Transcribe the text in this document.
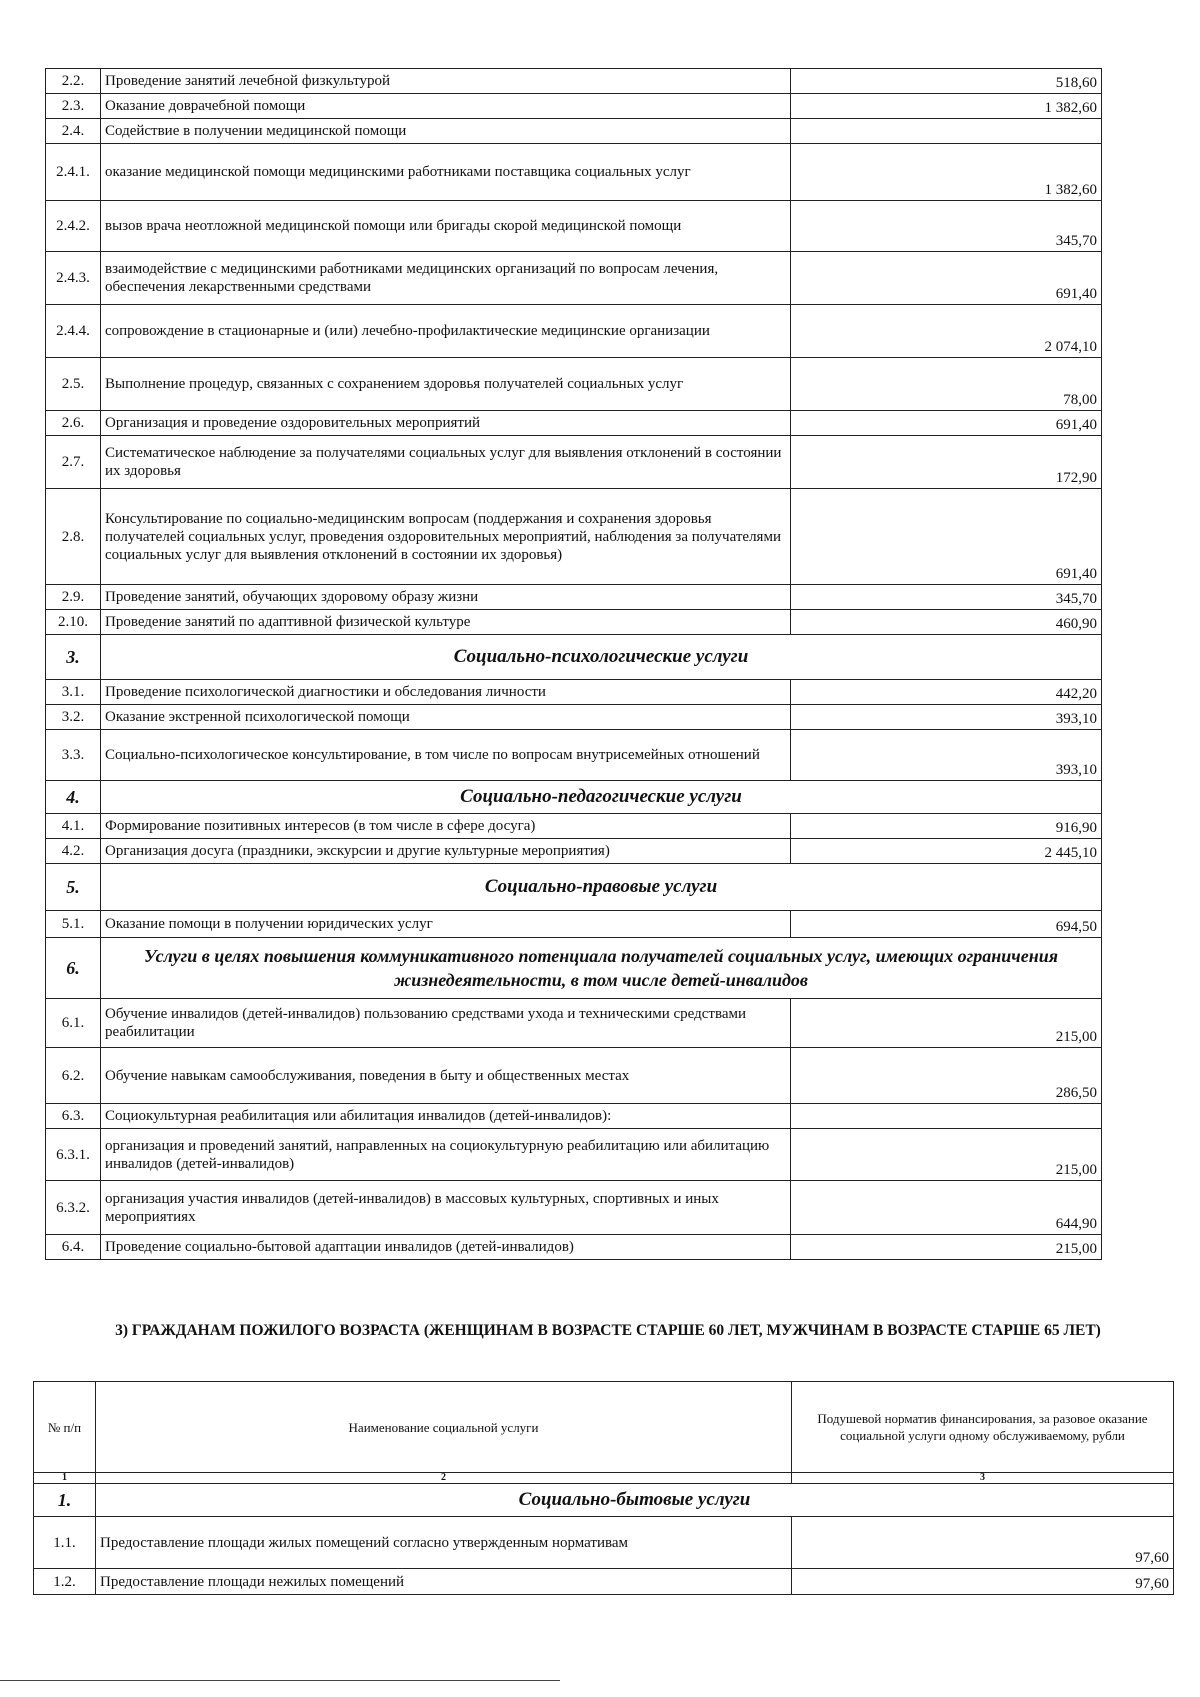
2.2.	Проведение занятий лечебной физкультурой	518,60
2.3.	Оказание доврачебной помощи	1 382,60
2.4.	Содействие в получении медицинской помощи	
2.4.1.	оказание медицинской помощи медицинскими работниками поставщика социальных услуг	1 382,60
2.4.2.	вызов врача неотложной медицинской помощи или бригады скорой медицинской помощи	345,70
2.4.3.	взаимодействие с медицинскими работниками медицинских организаций по вопросам лечения, обеспечения лекарственными средствами	691,40
2.4.4.	сопровождение в стационарные и (или) лечебно-профилактические медицинские организации	2 074,10
2.5.	Выполнение процедур, связанных с сохранением здоровья получателей социальных услуг	78,00
2.6.	Организация и проведение оздоровительных мероприятий	691,40
2.7.	Систематическое наблюдение за получателями социальных услуг для выявления отклонений в состоянии их здоровья	172,90
2.8.	Консультирование по социально-медицинским вопросам (поддержания и сохранения здоровья получателей социальных услуг, проведения оздоровительных мероприятий, наблюдения за получателями социальных услуг для выявления отклонений в состоянии их здоровья)	691,40
2.9.	Проведение занятий, обучающих здоровому образу жизни	345,70
2.10.	Проведение занятий по адаптивной физической культуре	460,90
3.	Социально-психологические услуги	
3.1.	Проведение психологической диагностики и обследования личности	442,20
3.2.	Оказание экстренной психологической помощи	393,10
3.3.	Социально-психологическое консультирование, в том числе по вопросам внутрисемейных отношений	393,10
4.	Социально-педагогические услуги	
4.1.	Формирование позитивных интересов (в том числе в сфере досуга)	916,90
4.2.	Организация досуга (праздники, экскурсии и другие культурные мероприятия)	2 445,10
5.	Социально-правовые услуги	
5.1.	Оказание помощи в получении юридических услуг	694,50
6.	Услуги в целях повышения коммуникативного потенциала получателей социальных услуг, имеющих ограничения жизнедеятельности, в том числе детей-инвалидов	
6.1.	Обучение инвалидов (детей-инвалидов) пользованию средствами ухода и техническими средствами реабилитации	215,00
6.2.	Обучение навыкам самообслуживания, поведения в быту и общественных местах	286,50
6.3.	Социокультурная реабилитация или абилитация инвалидов (детей-инвалидов):	
6.3.1.	организация и проведений занятий, направленных на социокультурную реабилитацию или абилитацию инвалидов (детей-инвалидов)	215,00
6.3.2.	организация участия инвалидов (детей-инвалидов) в массовых культурных, спортивных и иных мероприятиях	644,90
6.4.	Проведение социально-бытовой адаптации инвалидов (детей-инвалидов)	215,00
3) ГРАЖДАНАМ ПОЖИЛОГО ВОЗРАСТА (ЖЕНЩИНАМ В ВОЗРАСТЕ СТАРШЕ 60 ЛЕТ, МУЖЧИНАМ В ВОЗРАСТЕ СТАРШЕ 65 ЛЕТ)
№ п/п	Наименование социальной услуги	Подушевой норматив финансирования, за разовое оказание социальной услуги одному обслуживаемому, рубли
1	2	3
1.	Социально-бытовые услуги	
1.1.	Предоставление площади жилых помещений согласно утвержденным нормативам	97,60
1.2.	Предоставление площади нежилых помещений	97,60
